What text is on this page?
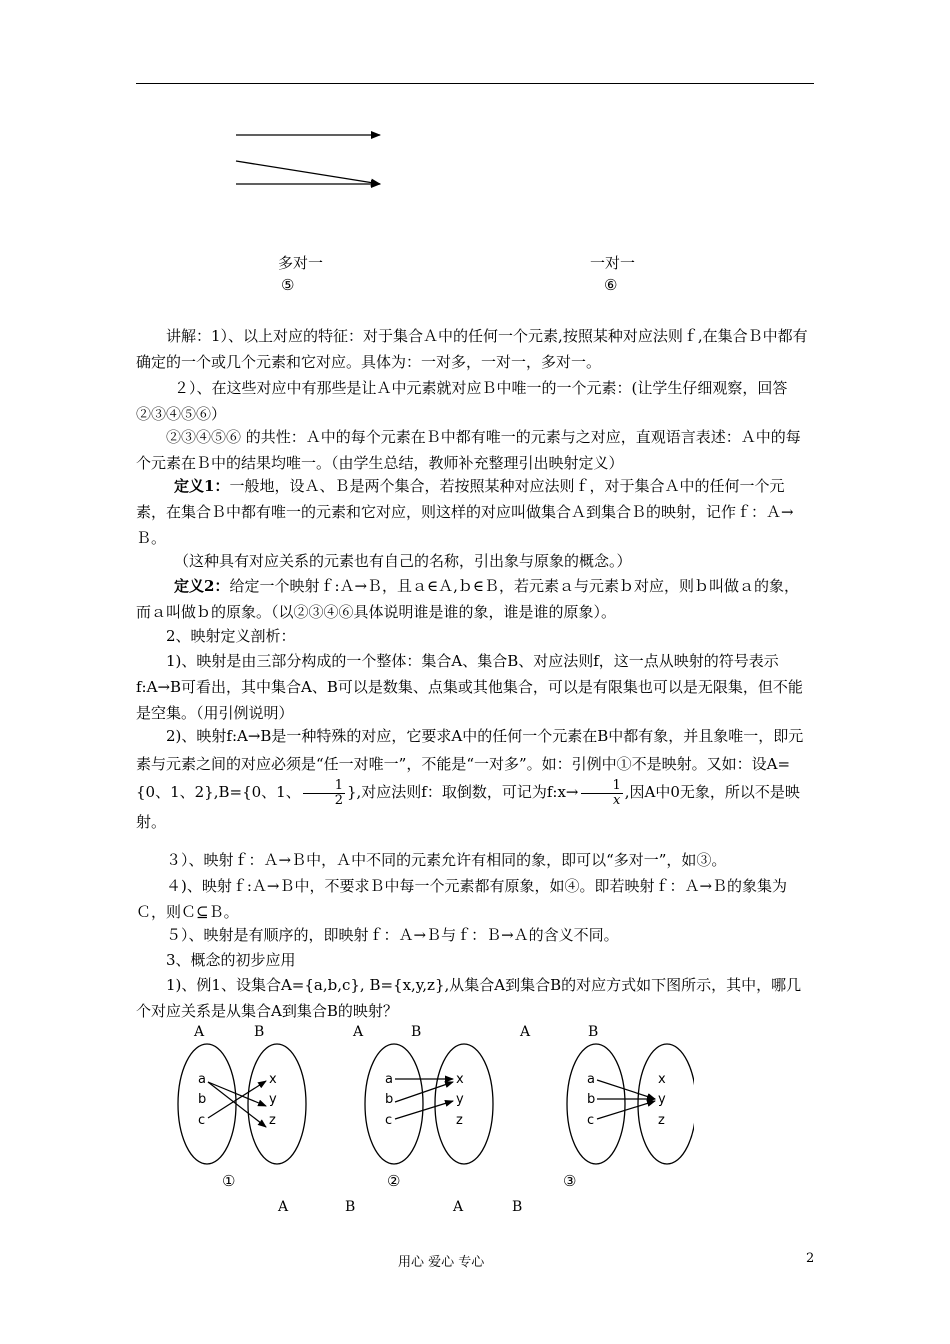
多对一
⑤
一对一
⑥
讲解：1）、以上对应的特征：对于集合Ａ中的任何一个元素,按照某种对应法则ｆ,在集合Ｂ中都有确定的一个或几个元素和它对应。具体为：一对多，一对一，多对一。
２）、在这些对应中有那些是让Ａ中元素就对应Ｂ中唯一的一个元素：(让学生仔细观察，回答②③④⑤⑥）
②③④⑤⑥ 的共性：Ａ中的每个元素在Ｂ中都有唯一的元素与之对应，直观语言表述：Ａ中的每个元素在Ｂ中的结果均唯一。（由学生总结，教师补充整理引出映射定义）
定义1：一般地，设Ａ、Ｂ是两个集合，若按照某种对应法则ｆ，对于集合Ａ中的任何一个元素，在集合Ｂ中都有唯一的元素和它对应，则这样的对应叫做集合Ａ到集合Ｂ的映射，记作ｆ：Ａ→Ｂ。
（这种具有对应关系的元素也有自己的名称，引出象与原象的概念。）
定义2：给定一个映射ｆ:Ａ→Ｂ，且ａ∈Ａ,ｂ∈Ｂ，若元素ａ与元素ｂ对应，则ｂ叫做ａ的象，而ａ叫做ｂ的原象。（以②③④⑥具体说明谁是谁的象，谁是谁的原象）。
2、映射定义剖析：
1)、映射是由三部分构成的一个整体：集合A、集合B、对应法则f，这一点从映射的符号表示f:A→B可看出，其中集合A、B可以是数集、点集或其他集合，可以是有限集也可以是无限集，但不能是空集。（用引例说明）
2)、映射f:A→B是一种特殊的对应，它要求A中的任何一个元素在B中都有象，并且象唯一，即元素与元素之间的对应必须是“任一对唯一”，不能是“一对多”。如：引例中①不是映射。又如：设A={0、1、2},B={0、1、 $\frac{1}{2}$ },对应法则f：取倒数，可记为f:x→ $\frac{1}{x}$ ,因A中0无象，所以不是映射。
３）、映射ｆ：Ａ→Ｂ中，Ａ中不同的元素允许有相同的象，即可以“多对一”，如③。
４)、映射ｆ:Ａ→Ｂ中，不要求Ｂ中每一个元素都有原象，如④。即若映射ｆ：Ａ→Ｂ的象集为Ｃ，则Ｃ⊆Ｂ。
５）、映射是有顺序的，即映射ｆ：Ａ→Ｂ与ｆ：Ｂ→Ａ的含义不同。
3、概念的初步应用
1)、例1、设集合A={a,b,c}, B={x,y,z},从集合A到集合B的对应方式如下图所示，其中，哪几个对应关系是从集合A到集合B的映射？
A	B
a
b
c
x
y
z
①
A	B
a
b
c
x
y
z
②
A	B
a
b
c
x
y
z
③
A	B	A	B
用心 爱心 专心	2
